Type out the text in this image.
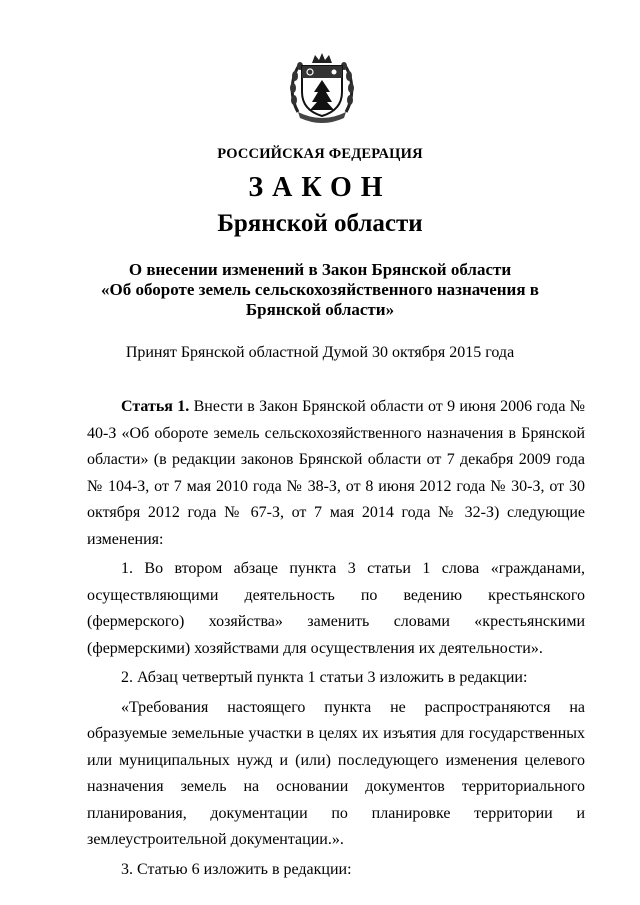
РОССИЙСКАЯ ФЕДЕРАЦИЯ
ЗАКОН
Брянской области
О внесении изменений в Закон Брянской области
«Об обороте земель сельскохозяйственного назначения в
Брянской области»
Принят Брянской областной Думой 30 октября 2015 года

Статья 1. Внести в Закон Брянской области от 9 июня 2006 года № 40-З «Об обороте земель сельскохозяйственного назначения в Брянской области» (в редакции законов Брянской области от 7 декабря 2009 года № 104-З, от 7 мая 2010 года № 38-З, от 8 июня 2012 года № 30-З, от 30 октября 2012 года № 67-З, от 7 мая 2014 года № 32-З) следующие изменения:

1. Во втором абзаце пункта 3 статьи 1 слова «гражданами, осуществляющими деятельность по ведению крестьянского (фермерского) хозяйства» заменить словами «крестьянскими (фермерскими) хозяйствами для осуществления их деятельности».

2. Абзац четвертый пункта 1 статьи 3 изложить в редакции:

«Требования настоящего пункта не распространяются на образуемые земельные участки в целях их изъятия для государственных или муниципальных нужд и (или) последующего изменения целевого назначения земель на основании документов территориального планирования, документации по планировке территории и землеустроительной документации.».

3. Статью 6 изложить в редакции:
